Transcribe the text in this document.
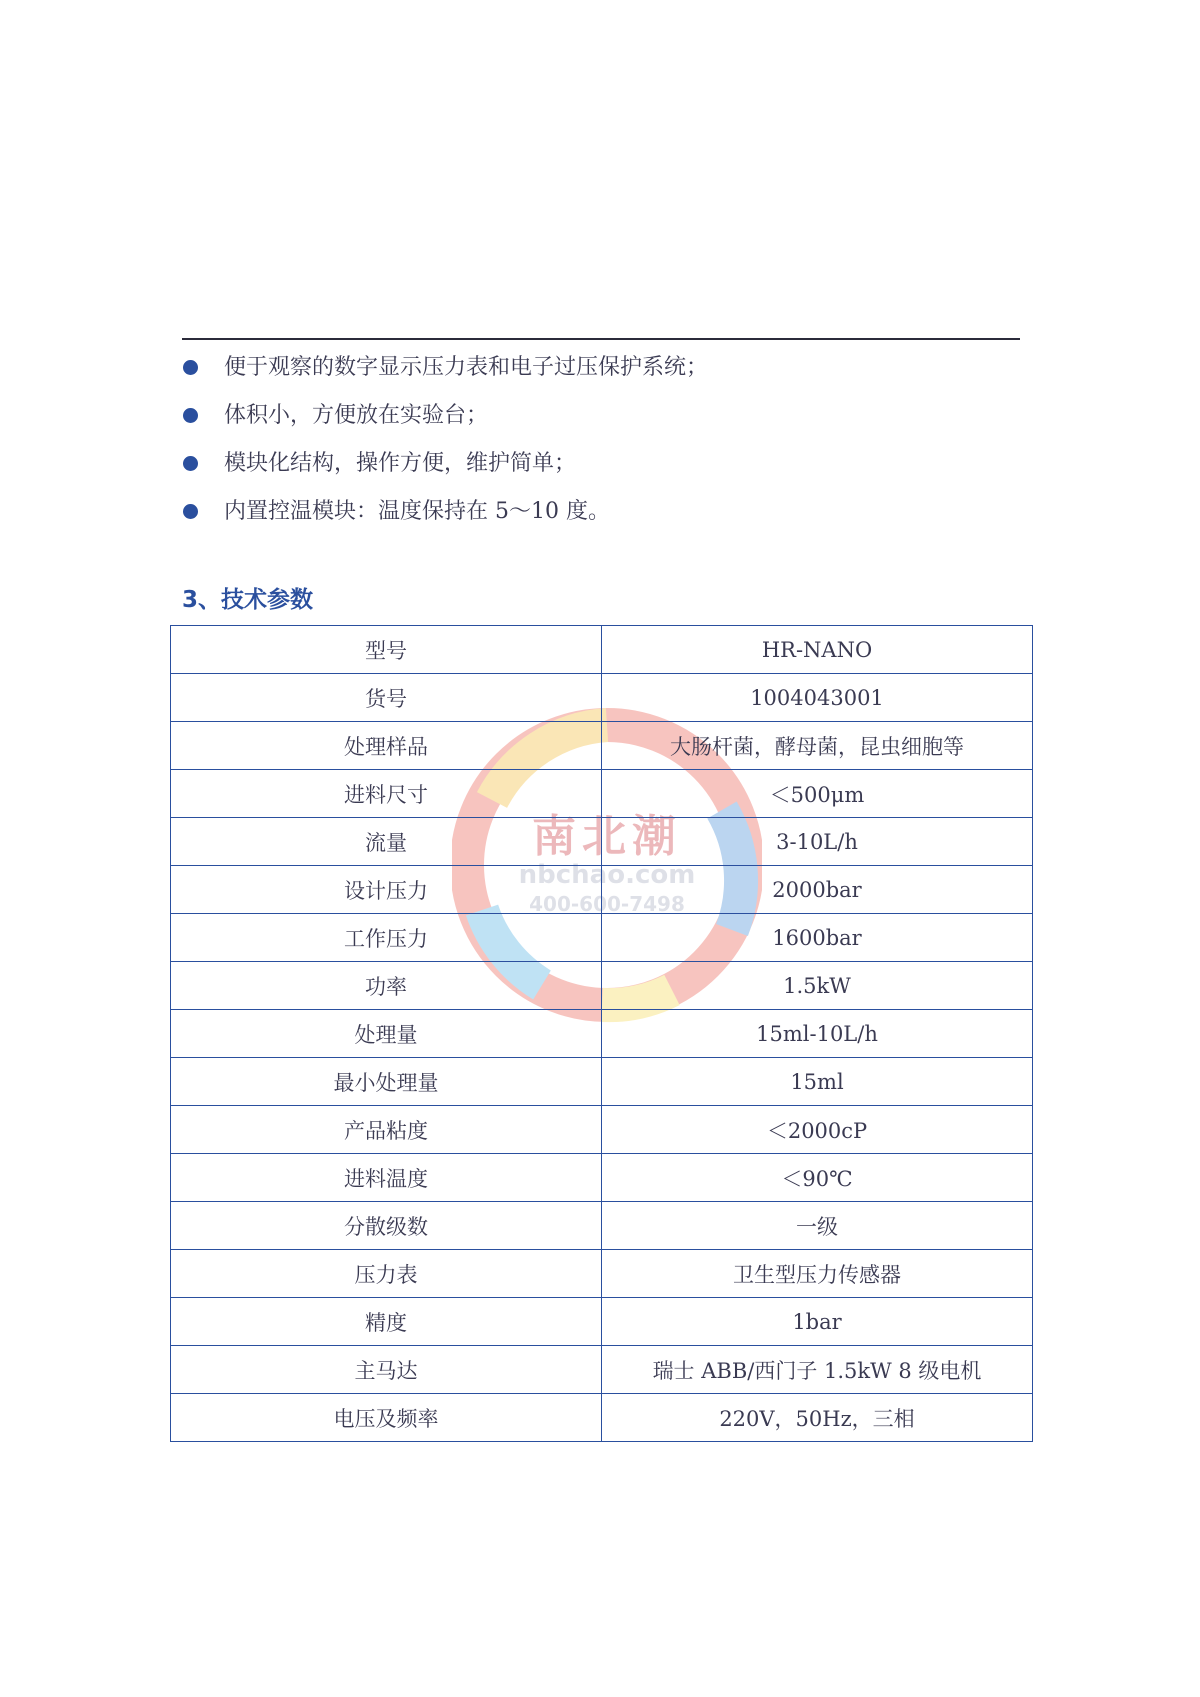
便于观察的数字显示压力表和电子过压保护系统；
体积小，方便放在实验台；
模块化结构，操作方便，维护简单；
内置控温模块：温度保持在 5～10 度。
3、技术参数
南北潮
nbchao.com
400-600-7498
型号	HR-NANO
货号	1004043001
处理样品	大肠杆菌，酵母菌，昆虫细胞等
进料尺寸	＜500μm
流量	3-10L/h
设计压力	2000bar
工作压力	1600bar
功率	1.5kW
处理量	15ml-10L/h
最小处理量	15ml
产品粘度	＜2000cP
进料温度	＜90℃
分散级数	一级
压力表	卫生型压力传感器
精度	1bar
主马达	瑞士 ABB/西门子 1.5kW 8 级电机
电压及频率	220V，50Hz，三相
